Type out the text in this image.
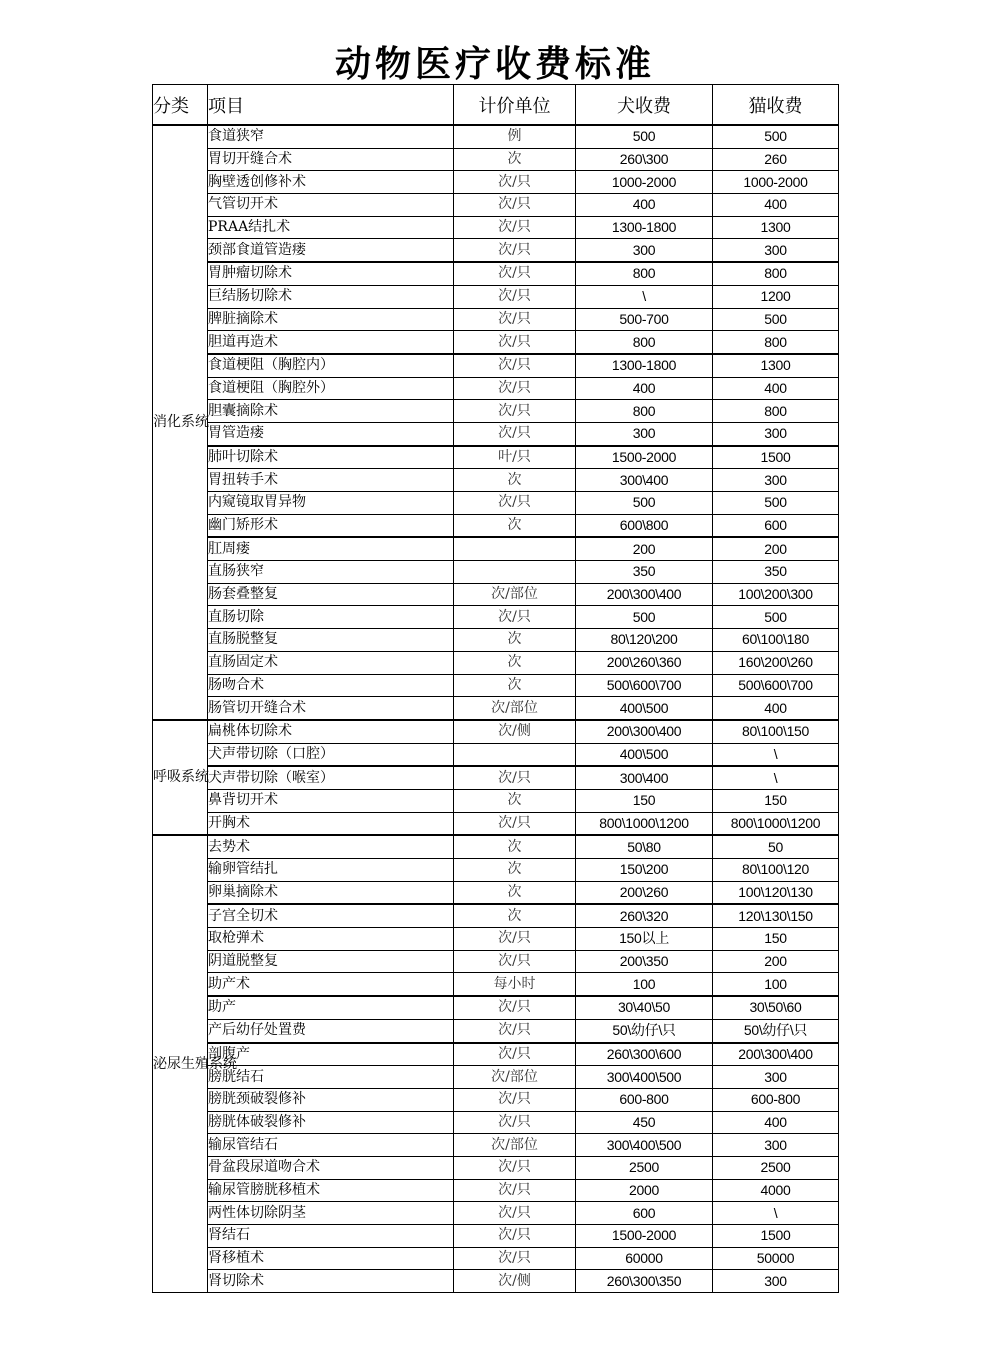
动物医疗收费标准
分类	项目	计价单位	犬收费	猫收费
消化系统	食道狭窄	例	500	500
	胃切开缝合术	次	260\300	260
	胸壁透创修补术	次/只	1000-2000	1000-2000
	气管切开术	次/只	400	400
	PRAA结扎术	次/只	1300-1800	1300
	颈部食道管造瘘	次/只	300	300
	胃肿瘤切除术	次/只	800	800
	巨结肠切除术	次/只	\	1200
	脾脏摘除术	次/只	500-700	500
	胆道再造术	次/只	800	800
	食道梗阻（胸腔内）	次/只	1300-1800	1300
	食道梗阻（胸腔外）	次/只	400	400
	胆囊摘除术	次/只	800	800
	胃管造瘘	次/只	300	300
	肺叶切除术	叶/只	1500-2000	1500
	胃扭转手术	次	300\400	300
	内窥镜取胃异物	次/只	500	500
	幽门矫形术	次	600\800	600
	肛周瘘		200	200
	直肠狭窄		350	350
	肠套叠整复	次/部位	200\300\400	100\200\300
	直肠切除	次/只	500	500
	直肠脱整复	次	80\120\200	60\100\180
	直肠固定术	次	200\260\360	160\200\260
	肠吻合术	次	500\600\700	500\600\700
	肠管切开缝合术	次/部位	400\500	400
呼吸系统	扁桃体切除术	次/侧	200\300\400	80\100\150
	犬声带切除（口腔）		400\500	\
	犬声带切除（喉室）	次/只	300\400	\
	鼻背切开术	次	150	150
	开胸术	次/只	800\1000\1200	800\1000\1200
泌尿生殖系统	去势术	次	50\80	50
	输卵管结扎	次	150\200	80\100\120
	卵巢摘除术	次	200\260	100\120\130
	子宫全切术	次	260\320	120\130\150
	取枪弹术	次/只	150以上	150
	阴道脱整复	次/只	200\350	200
	助产术	每小时	100	100
	助产	次/只	30\40\50	30\50\60
	产后幼仔处置费	次/只	50\幼仔\只	50\幼仔\只
	剖腹产	次/只	260\300\600	200\300\400
	膀胱结石	次/部位	300\400\500	300
	膀胱颈破裂修补	次/只	600-800	600-800
	膀胱体破裂修补	次/只	450	400
	输尿管结石	次/部位	300\400\500	300
	骨盆段尿道吻合术	次/只	2500	2500
	输尿管膀胱移植术	次/只	2000	4000
	两性体切除阴茎	次/只	600	\
	肾结石	次/只	1500-2000	1500
	肾移植术	次/只	60000	50000
	肾切除术	次/侧	260\300\350	300
